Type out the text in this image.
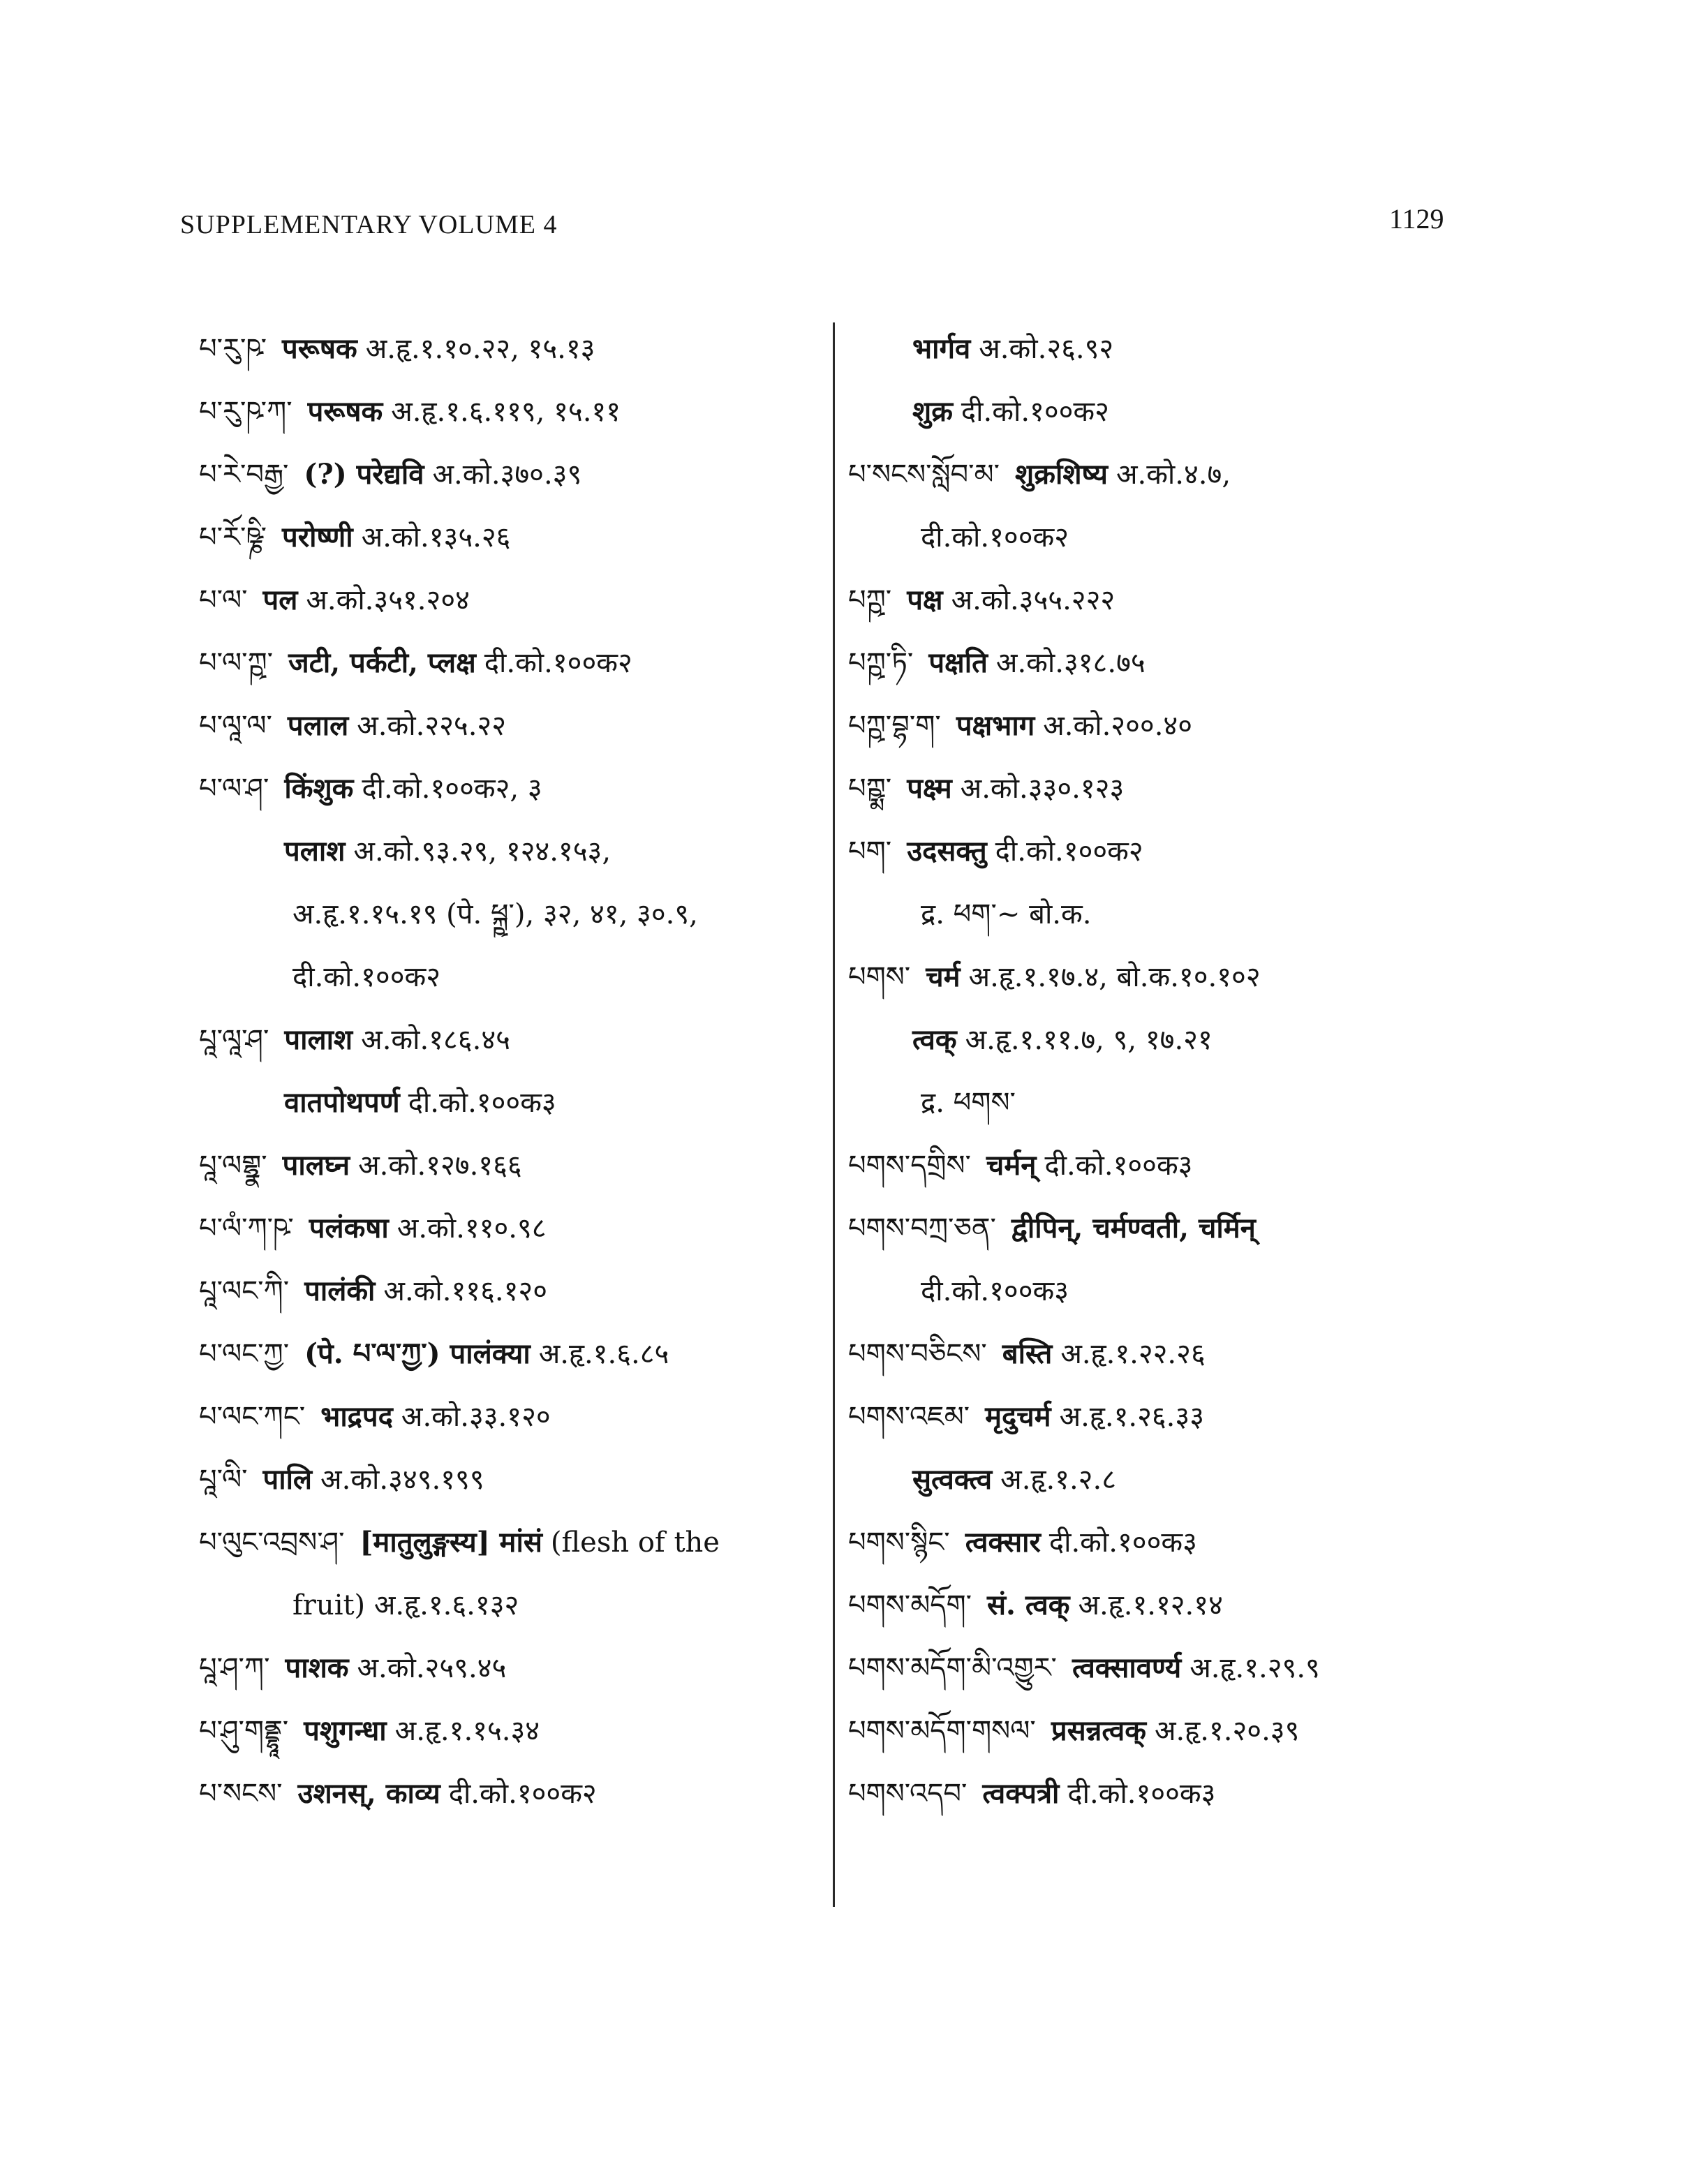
SUPPLEMENTARY VOLUME 4	1129
པ་རུ་ཥ་ परूषक अ.हृ.१.१०.२२, १५.१३
པ་རུ་ཥ་ཀ་ परूषक अ.हृ.१.६.११९, १५.११
པ་རེ་བརྒྱ་ (?) परेद्यवि अ.को.३७०.३९
པ་རོ་ཥྞི་ परोष्णी अ.को.१३५.२६
པ་ལ་ पल अ.को.३५१.२०४
པ་ལ་ཀྵ་ जटी, पर्कटी, प्लक्ष दी.को.१००क२
པ་ལཱ་ལ་ पलाल अ.को.२२५.२२
པ་ལ་ཤ་ किंशुक दी.को.१००क२, ३
पलाश अ.को.९३.२९, १२४.१५३,
अ.हृ.१.१५.१९ (पे. ཕྐྵ་), ३२, ४१, ३०.९,
दी.को.१००क२
པཱ་ལཱ་ཤ་ पालाश अ.को.१८६.४५
वातपोथपर्ण दी.को.१००क३
པཱ་ལགྷྣ་ पालघ्न अ.को.१२७.१६६
པ་ལཾ་ཀ་ཥ་ पलंकषा अ.को.११०.९८
པཱ་ལང་ཀི་ पालंकी अ.को.११६.१२०
པ་ལང་ཀྱ་ (पे. པ་ལ་ཀྱ་) पालंक्या अ.हृ.१.६.८५
པ་ལང་ཀང་ भाद्रपद अ.को.३३.१२०
པཱ་ལི་ पालि अ.को.३४९.१९९
པ་ལུང་འབྲས་ཤ་ [मातुलुङ्गस्य] मांसं (flesh of the
fruit) अ.हृ.१.६.१३२
པཱ་ཤ་ཀ་ पाशक अ.को.२५९.४५
པ་ཤུ་གནྡྷཱ་ पशुगन्धा अ.हृ.१.१५.३४
པ་སངས་ उशनस्, काव्य दी.को.१००क२
भार्गव अ.को.२६.९२
शुक्र दी.को.१००क२
པ་སངས་སློབ་མ་ शुक्रशिष्य अ.को.४.७,
दी.को.१००क२
པཀྵ་ पक्ष अ.को.३५५.२२२
པཀྵ་ཏི་ पक्षति अ.को.३१८.७५
པཀྵ་བྷ་ག་ पक्षभाग अ.को.२००.४०
པཀྵྨ་ पक्ष्म अ.को.३३०.१२३
པག་ उदसक्तु दी.को.१००क२
द्र. ཕག་~ बो.क.
པགས་ चर्म अ.हृ.१.१७.४, बो.क.१०.१०२
त्वक् अ.हृ.१.११.७, ९, १७.२१
द्र. ཕགས་
པགས་དགྲིས་ चर्मन् दी.को.१००क३
པགས་བཀྲ་ཅན་ द्वीपिन्, चर्मण्वती, चर्मिन्
दी.को.१००क३
པགས་བཅིངས་ बस्ति अ.हृ.१.२२.२६
པགས་འཇམ་ मृदुचर्म अ.हृ.१.२६.३३
सुत्वक्त्व अ.हृ.१.२.८
པགས་སྙིང་ त्वक्सार दी.को.१००क३
པགས་མདོག་ सं. त्वक् अ.हृ.१.१२.१४
པགས་མདོག་མི་འགྱུར་ त्वक्सावर्ण्य अ.हृ.१.२९.९
པགས་མདོག་གསལ་ प्रसन्नत्वक् अ.हृ.१.२०.३९
པགས་འདབ་ त्वक्पत्री दी.को.१००क३
